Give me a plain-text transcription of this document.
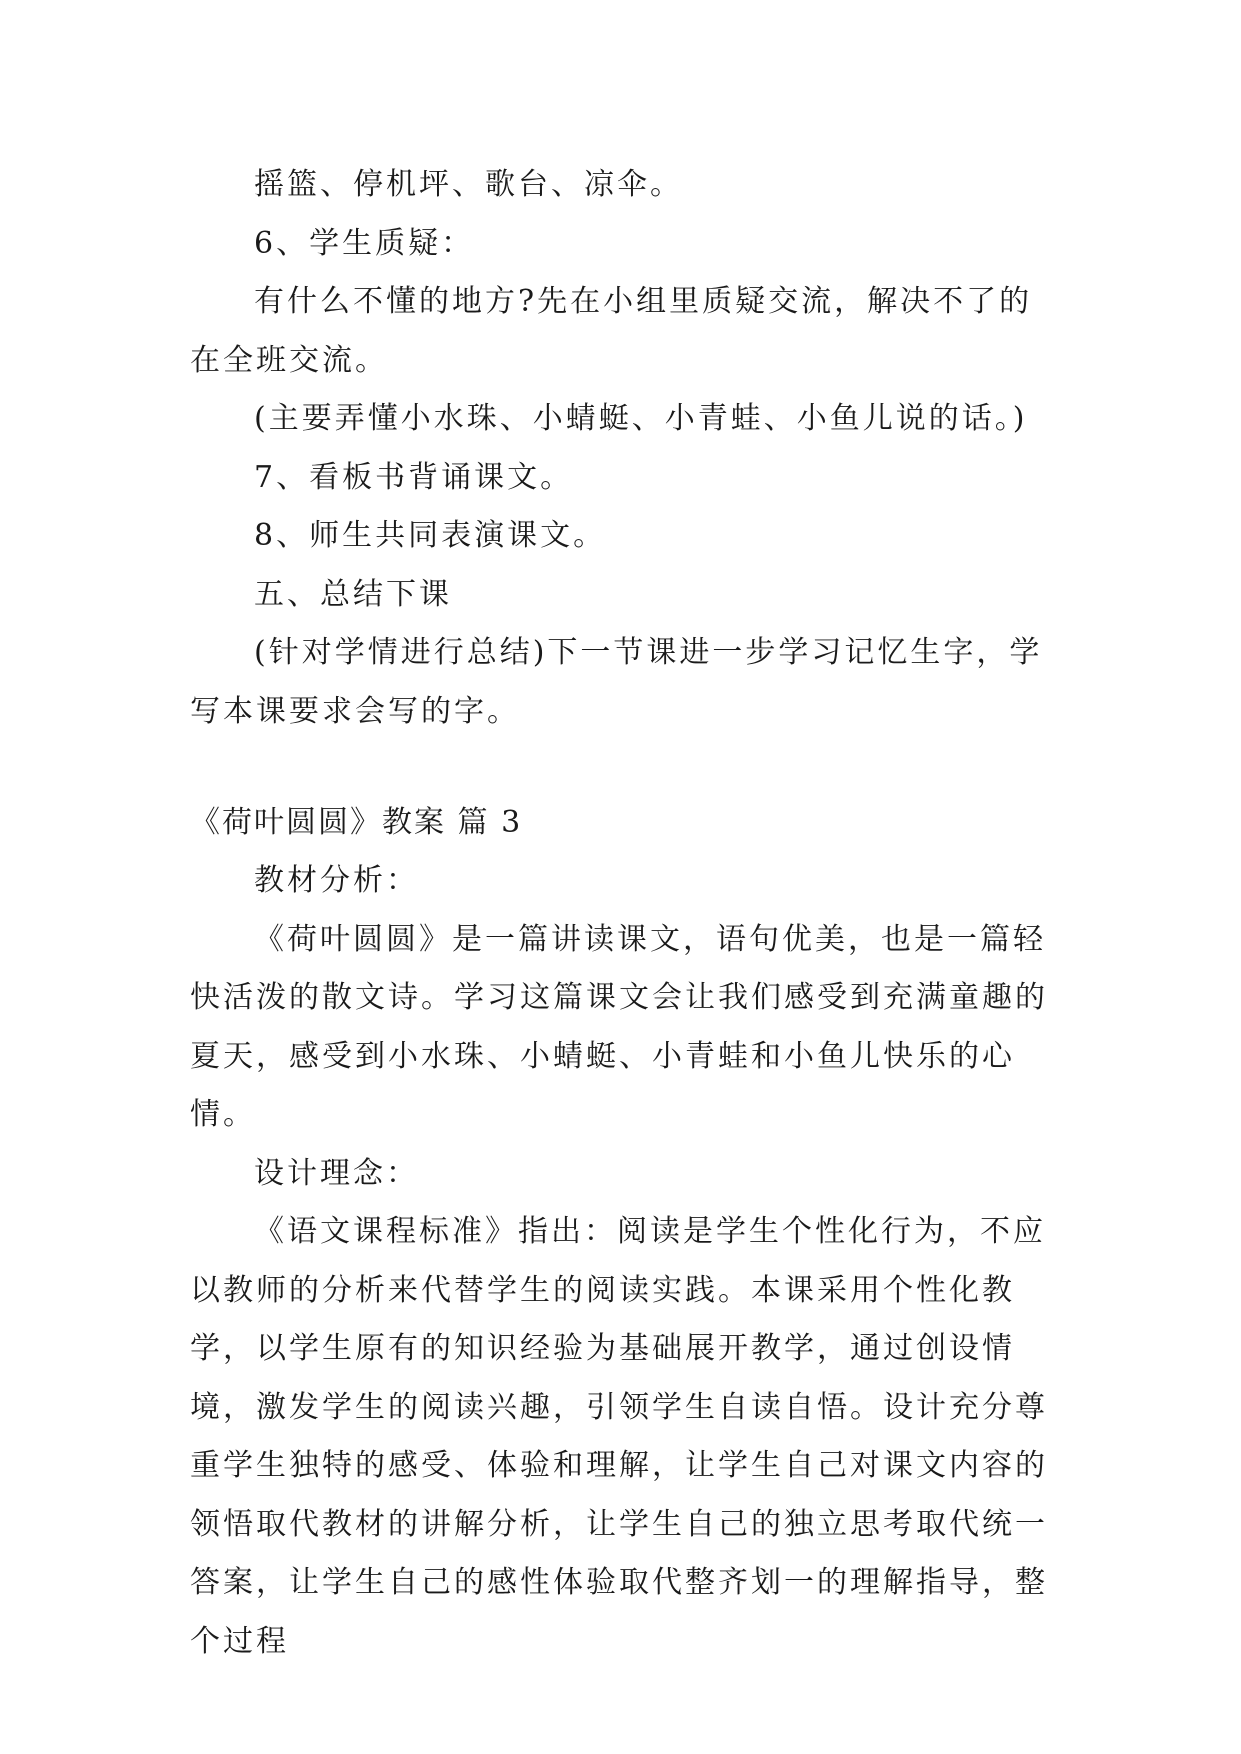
摇篮、停机坪、歌台、凉伞。

6、学生质疑：

有什么不懂的地方?先在小组里质疑交流，解决不了的在全班交流。

(主要弄懂小水珠、小蜻蜓、小青蛙、小鱼儿说的话。)

7、看板书背诵课文。

8、师生共同表演课文。

五、总结下课

(针对学情进行总结)下一节课进一步学习记忆生字，学写本课要求会写的字。

《荷叶圆圆》教案 篇 3

教材分析：

《荷叶圆圆》是一篇讲读课文，语句优美，也是一篇轻快活泼的散文诗。学习这篇课文会让我们感受到充满童趣的夏天，感受到小水珠、小蜻蜓、小青蛙和小鱼儿快乐的心情。

设计理念：

《语文课程标准》指出：阅读是学生个性化行为，不应以教师的分析来代替学生的阅读实践。本课采用个性化教学，以学生原有的知识经验为基础展开教学，通过创设情境，激发学生的阅读兴趣，引领学生自读自悟。设计充分尊重学生独特的感受、体验和理解，让学生自己对课文内容的领悟取代教材的讲解分析，让学生自己的独立思考取代统一答案，让学生自己的感性体验取代整齐划一的理解指导，整个过程
